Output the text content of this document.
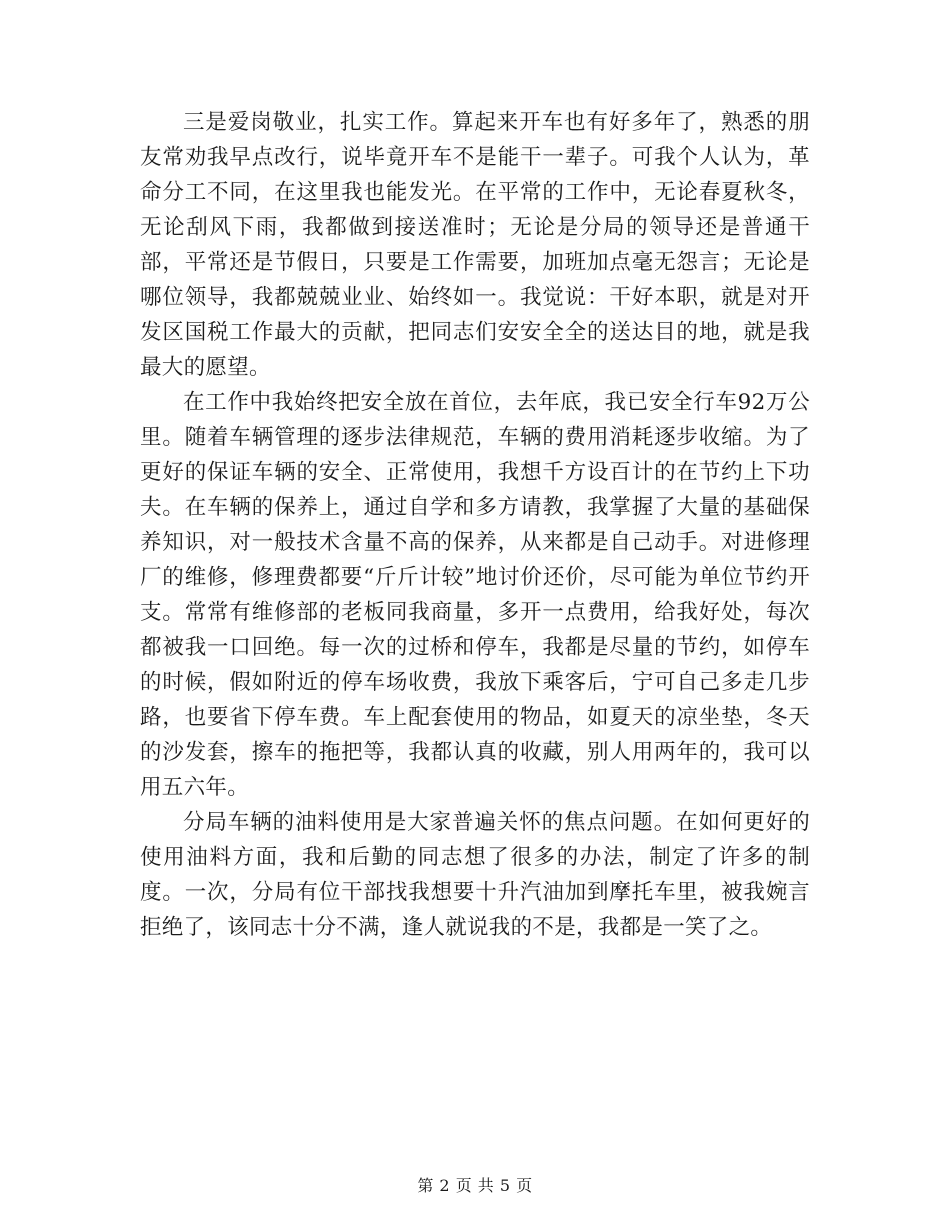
三是爱岗敬业，扎实工作。算起来开车也有好多年了，熟悉的朋友常劝我早点改行，说毕竟开车不是能干一辈子。可我个人认为，革命分工不同，在这里我也能发光。在平常的工作中，无论春夏秋冬，无论刮风下雨，我都做到接送准时；无论是分局的领导还是普通干部，平常还是节假日，只要是工作需要，加班加点毫无怨言；无论是哪位领导，我都兢兢业业、始终如一。我觉说：干好本职，就是对开发区国税工作最大的贡献，把同志们安安全全的送达目的地，就是我最大的愿望。

在工作中我始终把安全放在首位，去年底，我已安全行车92万公里。随着车辆管理的逐步法律规范，车辆的费用消耗逐步收缩。为了更好的保证车辆的安全、正常使用，我想千方设百计的在节约上下功夫。在车辆的保养上，通过自学和多方请教，我掌握了大量的基础保养知识，对一般技术含量不高的保养，从来都是自己动手。对进修理厂的维修，修理费都要“斤斤计较”地讨价还价，尽可能为单位节约开支。常常有维修部的老板同我商量，多开一点费用，给我好处，每次都被我一口回绝。每一次的过桥和停车，我都是尽量的节约，如停车的时候，假如附近的停车场收费，我放下乘客后，宁可自己多走几步路，也要省下停车费。车上配套使用的物品，如夏天的凉坐垫，冬天的沙发套，擦车的拖把等，我都认真的收藏，别人用两年的，我可以用五六年。

分局车辆的油料使用是大家普遍关怀的焦点问题。在如何更好的使用油料方面，我和后勤的同志想了很多的办法，制定了许多的制度。一次，分局有位干部找我想要十升汽油加到摩托车里，被我婉言拒绝了，该同志十分不满，逢人就说我的不是，我都是一笑了之。

第 2 页 共 5 页
